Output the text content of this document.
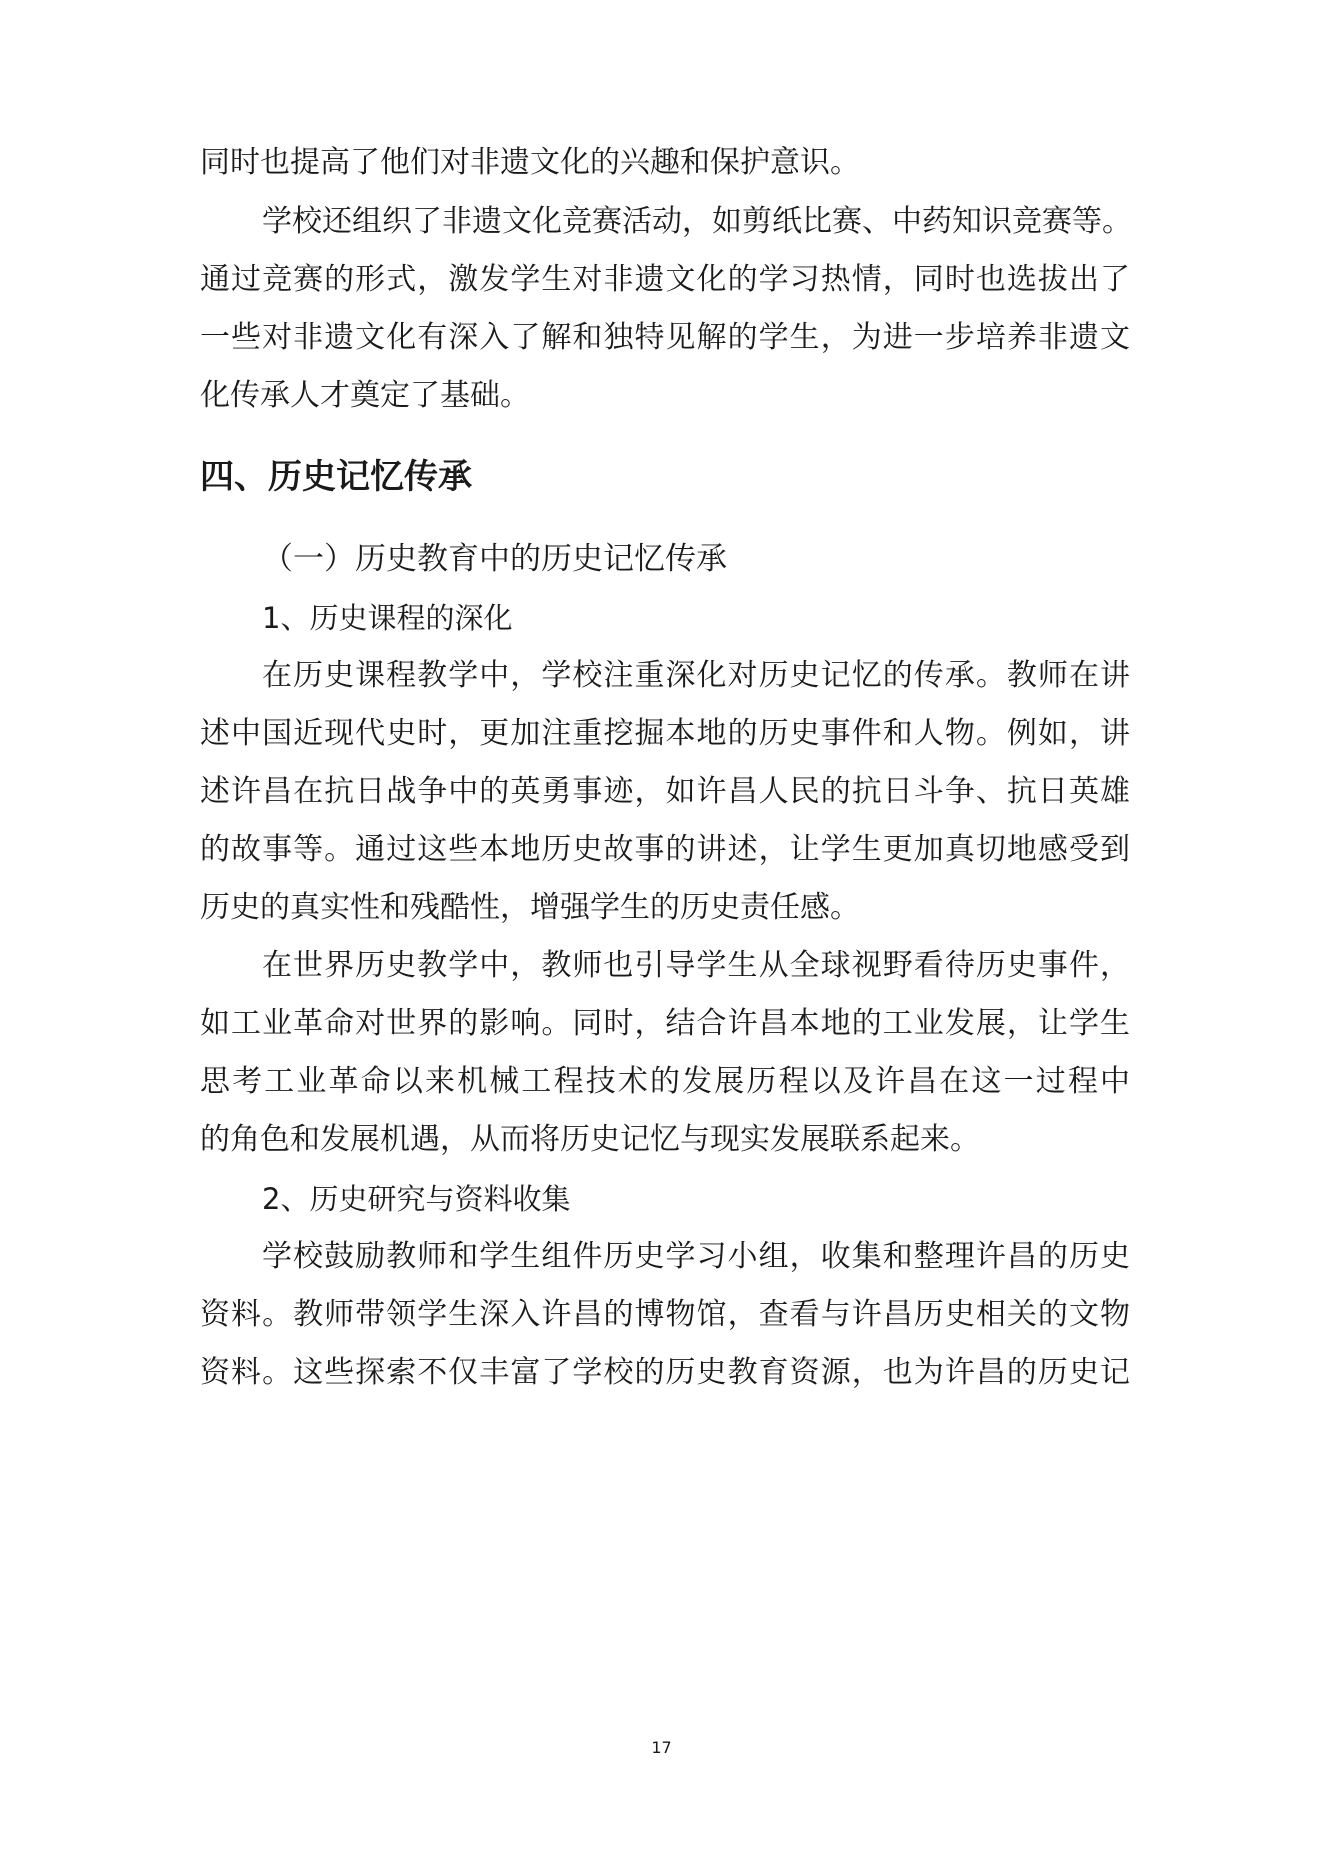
同时也提高了他们对非遗文化的兴趣和保护意识。
学校还组织了非遗文化竞赛活动，如剪纸比赛、中药知识竞赛等。
通过竞赛的形式，激发学生对非遗文化的学习热情，同时也选拔出了
一些对非遗文化有深入了解和独特见解的学生，为进一步培养非遗文
化传承人才奠定了基础。
四、历史记忆传承
（一）历史教育中的历史记忆传承
1、历史课程的深化
在历史课程教学中，学校注重深化对历史记忆的传承。教师在讲
述中国近现代史时，更加注重挖掘本地的历史事件和人物。例如，讲
述许昌在抗日战争中的英勇事迹，如许昌人民的抗日斗争、抗日英雄
的故事等。通过这些本地历史故事的讲述，让学生更加真切地感受到
历史的真实性和残酷性，增强学生的历史责任感。
在世界历史教学中，教师也引导学生从全球视野看待历史事件，
如工业革命对世界的影响。同时，结合许昌本地的工业发展，让学生
思考工业革命以来机械工程技术的发展历程以及许昌在这一过程中
的角色和发展机遇，从而将历史记忆与现实发展联系起来。
2、历史研究与资料收集
学校鼓励教师和学生组件历史学习小组，收集和整理许昌的历史
资料。教师带领学生深入许昌的博物馆，查看与许昌历史相关的文物
资料。这些探索不仅丰富了学校的历史教育资源，也为许昌的历史记
17
